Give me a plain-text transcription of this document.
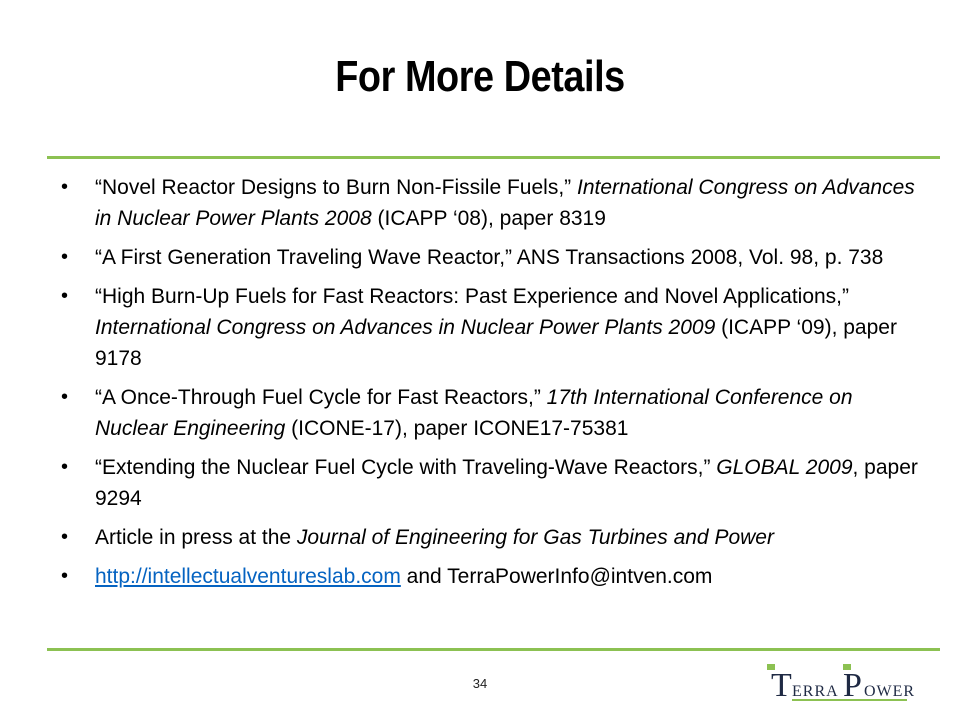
For More Details
• “Novel Reactor Designs to Burn Non-Fissile Fuels,” International Congress on Advances in Nuclear Power Plants 2008 (ICAPP ‘08), paper 8319
• “A First Generation Traveling Wave Reactor,” ANS Transactions 2008, Vol. 98, p. 738
• “High Burn-Up Fuels for Fast Reactors: Past Experience and Novel Applications,” International Congress on Advances in Nuclear Power Plants 2009 (ICAPP ‘09), paper 9178
• “A Once-Through Fuel Cycle for Fast Reactors,” 17th International Conference on Nuclear Engineering (ICONE-17), paper ICONE17-75381
• “Extending the Nuclear Fuel Cycle with Traveling-Wave Reactors,” GLOBAL 2009, paper 9294
• Article in press at the Journal of Engineering for Gas Turbines and Power
• http://intellectualventureslab.com and TerraPowerInfo@intven.com
34	T ERRA P OWER
